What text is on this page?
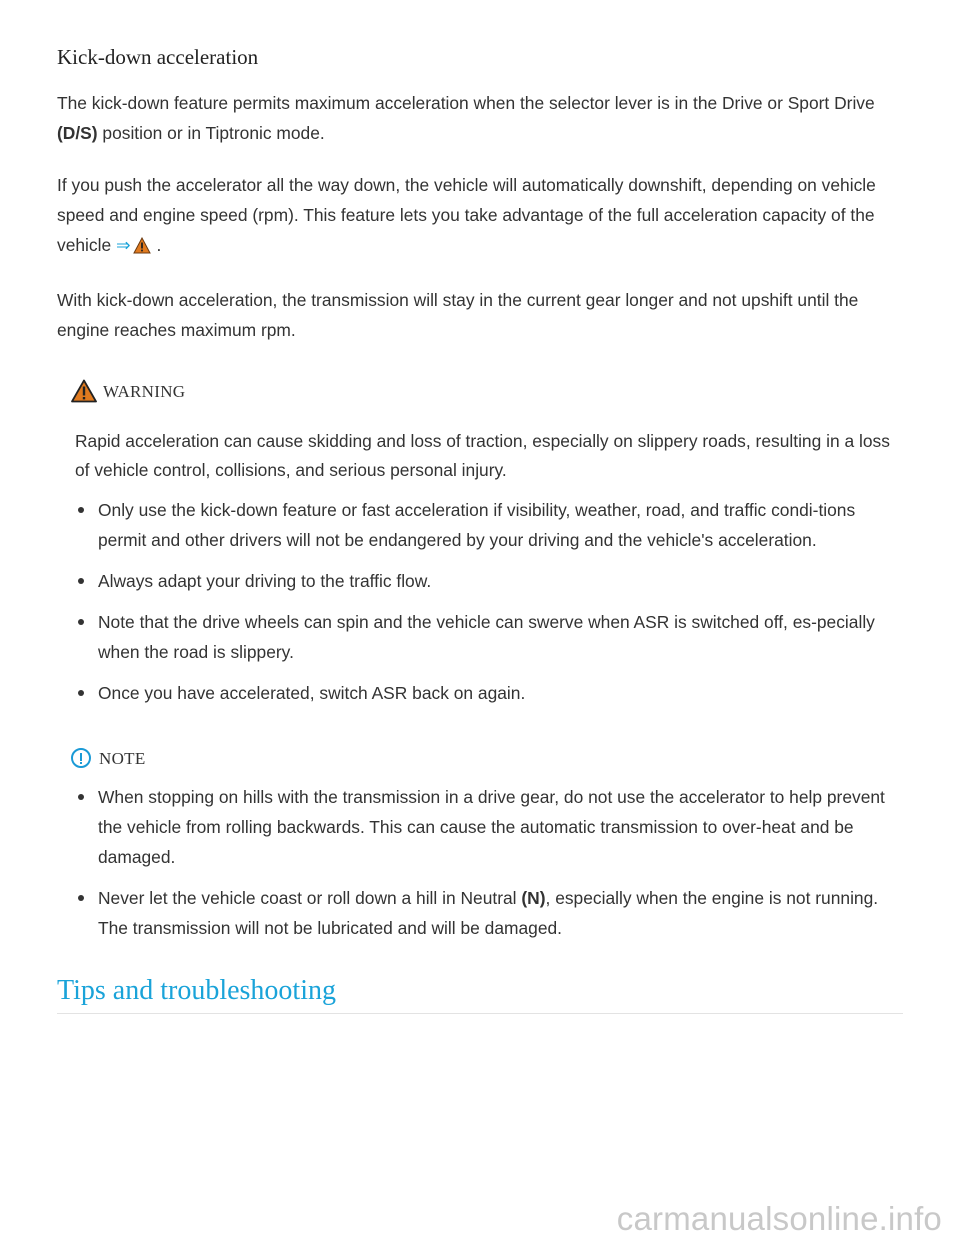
Kick-down acceleration

The kick-down feature permits maximum acceleration when the selector lever is in the Drive or Sport Drive (D/S) position or in Tiptronic mode.

If you push the accelerator all the way down, the vehicle will automatically downshift, depending on vehicle speed and engine speed (rpm). This feature lets you take advantage of the full acceleration capacity of the vehicle ⇒ .

With kick-down acceleration, the transmission will stay in the current gear longer and not upshift until the engine reaches maximum rpm.

WARNING
Rapid acceleration can cause skidding and loss of traction, especially on slippery roads, resulting in a loss of vehicle control, collisions, and serious personal injury.
Only use the kick-down feature or fast acceleration if visibility, weather, road, and traffic condi-tions permit and other drivers will not be endangered by your driving and the vehicle's acceleration.
Always adapt your driving to the traffic flow.
Note that the drive wheels can spin and the vehicle can swerve when ASR is switched off, es-pecially when the road is slippery.
Once you have accelerated, switch ASR back on again.
NOTE
When stopping on hills with the transmission in a drive gear, do not use the accelerator to help prevent the vehicle from rolling backwards. This can cause the automatic transmission to over-heat and be damaged.
Never let the vehicle coast or roll down a hill in Neutral (N), especially when the engine is not running. The transmission will not be lubricated and will be damaged.
Tips and troubleshooting
carmanualsonline.info
